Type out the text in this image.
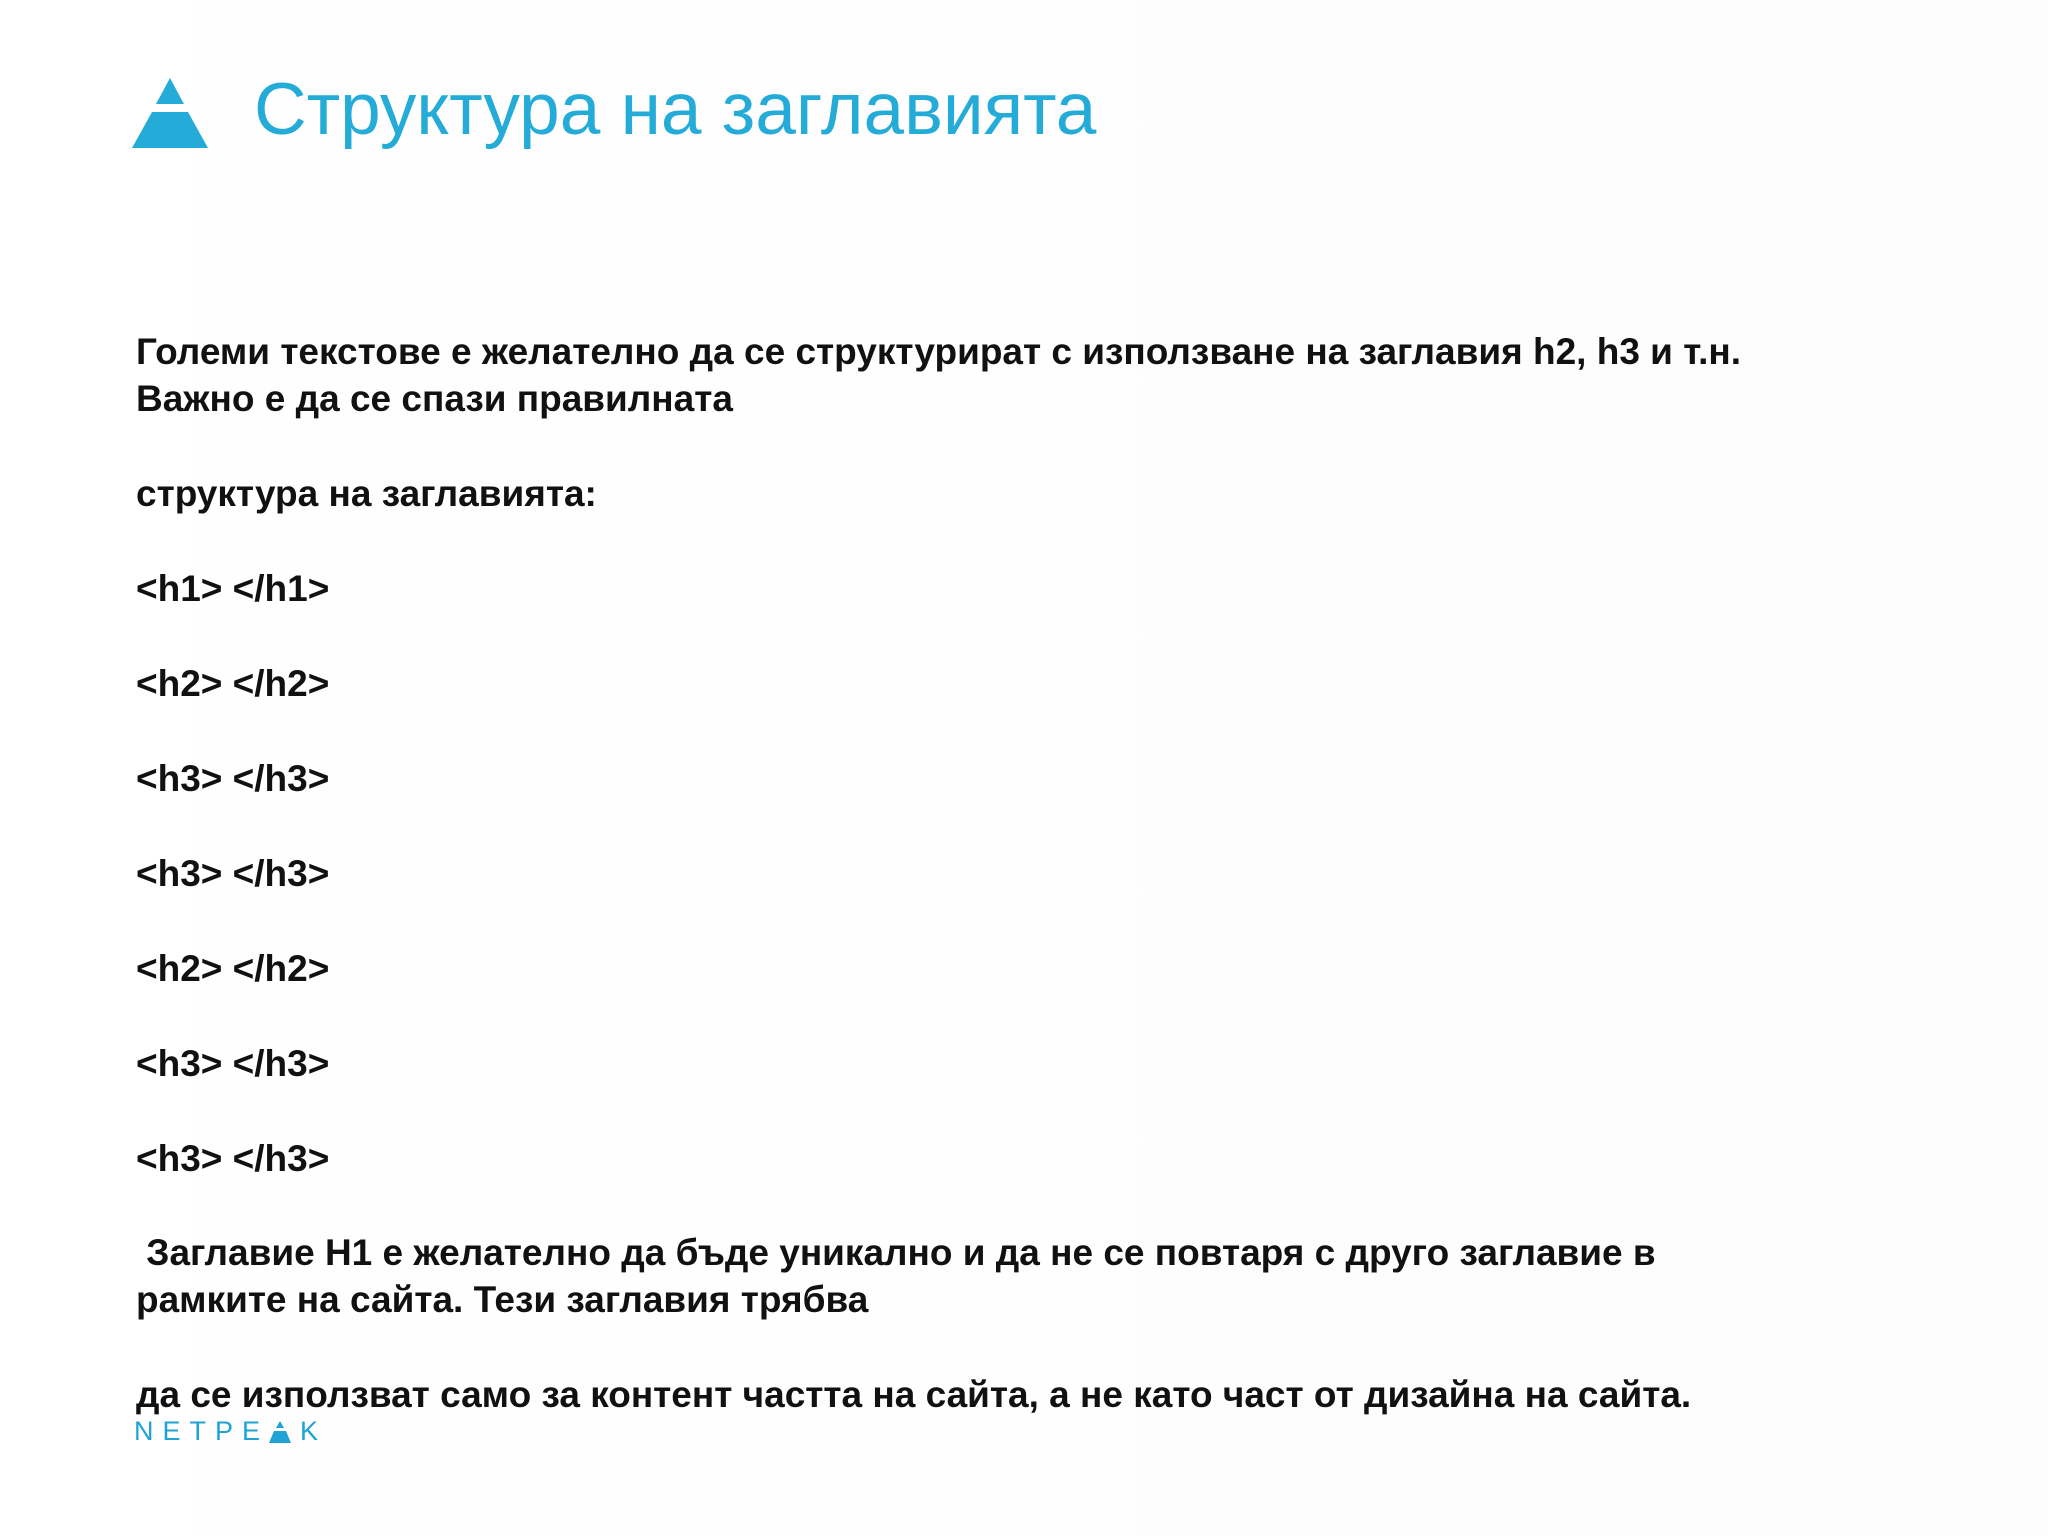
Структура на заглавията
Големи текстове е желателно да се структурират с използване на заглавия h2, h3 и т.н.
Важно е да се спази правилната
структура на заглавията:
<h1> </h1>
<h2> </h2>
<h3> </h3>
<h3> </h3>
<h2> </h2>
<h3> </h3>
<h3> </h3>
Заглавие H1 е желателно да бъде уникално и да не се повтаря с друго заглавие в
рамките на сайта. Тези заглавия трябва
да се използват само за контент частта на сайта, а не като част от дизайна на сайта.
NETPE K
